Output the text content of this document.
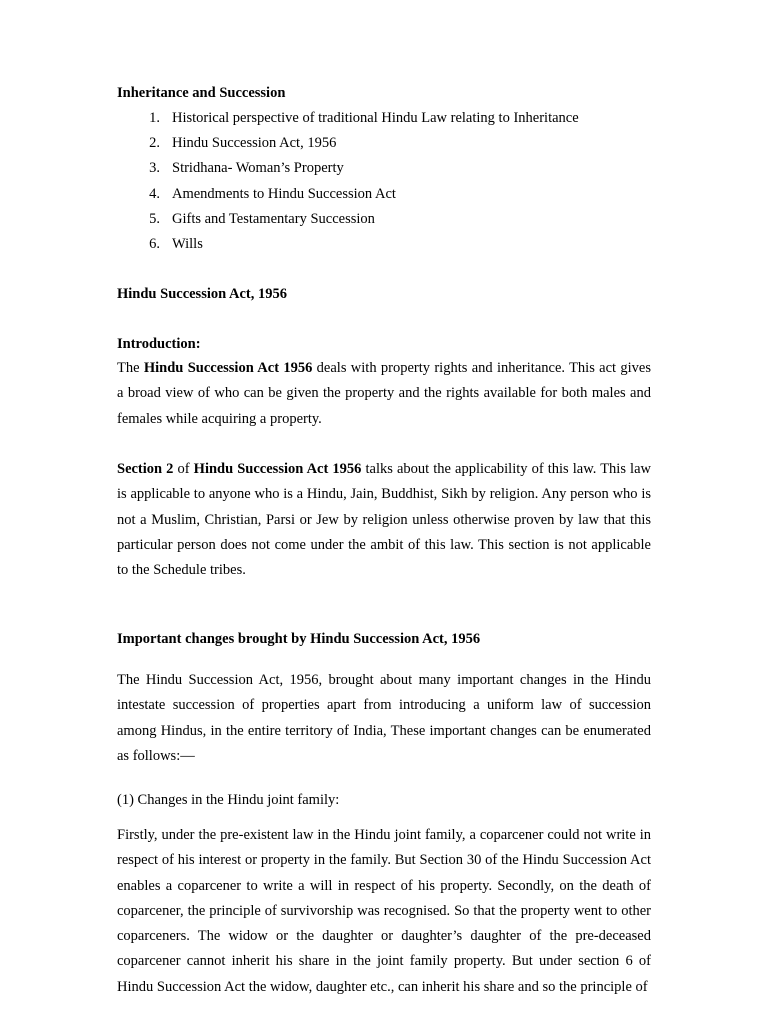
Inheritance and Succession
1. Historical perspective of traditional Hindu Law relating to Inheritance
2. Hindu Succession Act, 1956
3. Stridhana- Woman’s Property
4. Amendments to Hindu Succession Act
5. Gifts and Testamentary Succession
6. Wills
Hindu Succession Act, 1956
Introduction:

The Hindu Succession Act 1956 deals with property rights and inheritance. This act gives a broad view of who can be given the property and the rights available for both males and females while acquiring a property.

Section 2 of Hindu Succession Act 1956 talks about the applicability of this law. This law is applicable to anyone who is a Hindu, Jain, Buddhist, Sikh by religion. Any person who is not a Muslim, Christian, Parsi or Jew by religion unless otherwise proven by law that this particular person does not come under the ambit of this law. This section is not applicable to the Schedule tribes.

Important changes brought by Hindu Succession Act, 1956

The Hindu Succession Act, 1956, brought about many important changes in the Hindu intestate succession of properties apart from introducing a uniform law of succession among Hindus, in the entire territory of India, These important changes can be enumerated as follows:—

(1) Changes in the Hindu joint family:

Firstly, under the pre-existent law in the Hindu joint family, a coparcener could not write in respect of his interest or property in the family. But Section 30 of the Hindu Succession Act enables a coparcener to write a will in respect of his property. Secondly, on the death of coparcener, the principle of survivorship was recognised. So that the property went to other coparceners. The widow or the daughter or daughter’s daughter of the pre-deceased coparcener cannot inherit his share in the joint family property. But under section 6 of Hindu Succession Act the widow, daughter etc., can inherit his share and so the principle of
